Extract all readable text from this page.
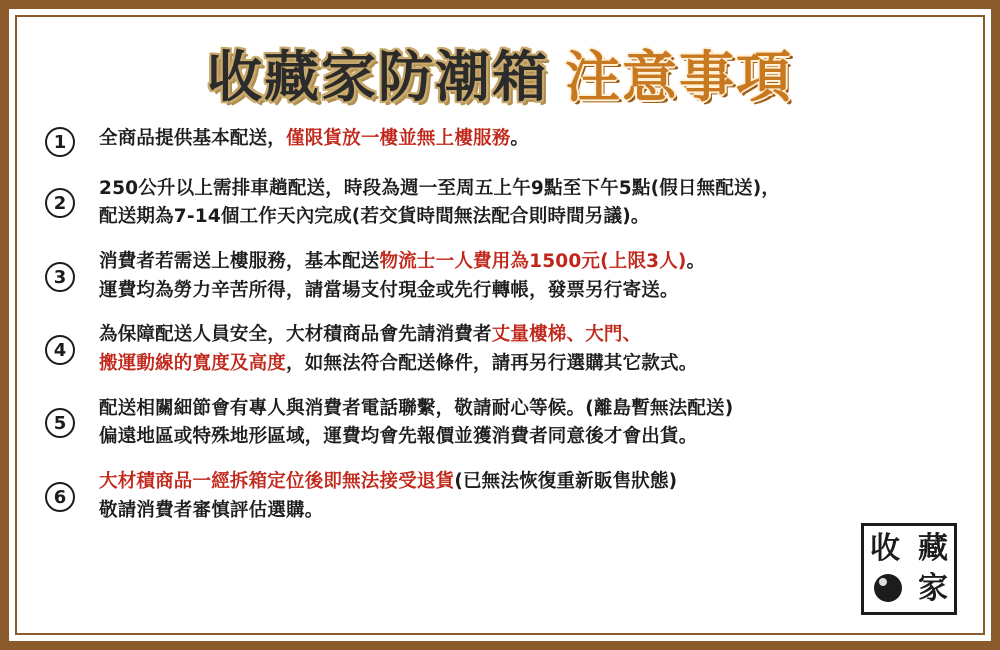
收藏家防潮箱 注意事項
1	全商品提供基本配送，僅限貨放一樓並無上樓服務。
2
250公升以上需排車趟配送，時段為週一至周五上午9點至下午5點(假日無配送)，
配送期為7-14個工作天內完成(若交貨時間無法配合則時間另議)。
3
消費者若需送上樓服務，基本配送物流士一人費用為1500元(上限3人)。
運費均為勞力辛苦所得，請當場支付現金或先行轉帳，發票另行寄送。
4
為保障配送人員安全，大材積商品會先請消費者丈量樓梯、大門、
搬運動線的寬度及高度，如無法符合配送條件，請再另行選購其它款式。
5
配送相關細節會有專人與消費者電話聯繫，敬請耐心等候。(離島暫無法配送)
偏遠地區或特殊地形區域，運費均會先報價並獲消費者同意後才會出貨。
6
大材積商品一經拆箱定位後即無法接受退貨(已無法恢復重新販售狀態)
敬請消費者審慎評估選購。
收 藏
家
